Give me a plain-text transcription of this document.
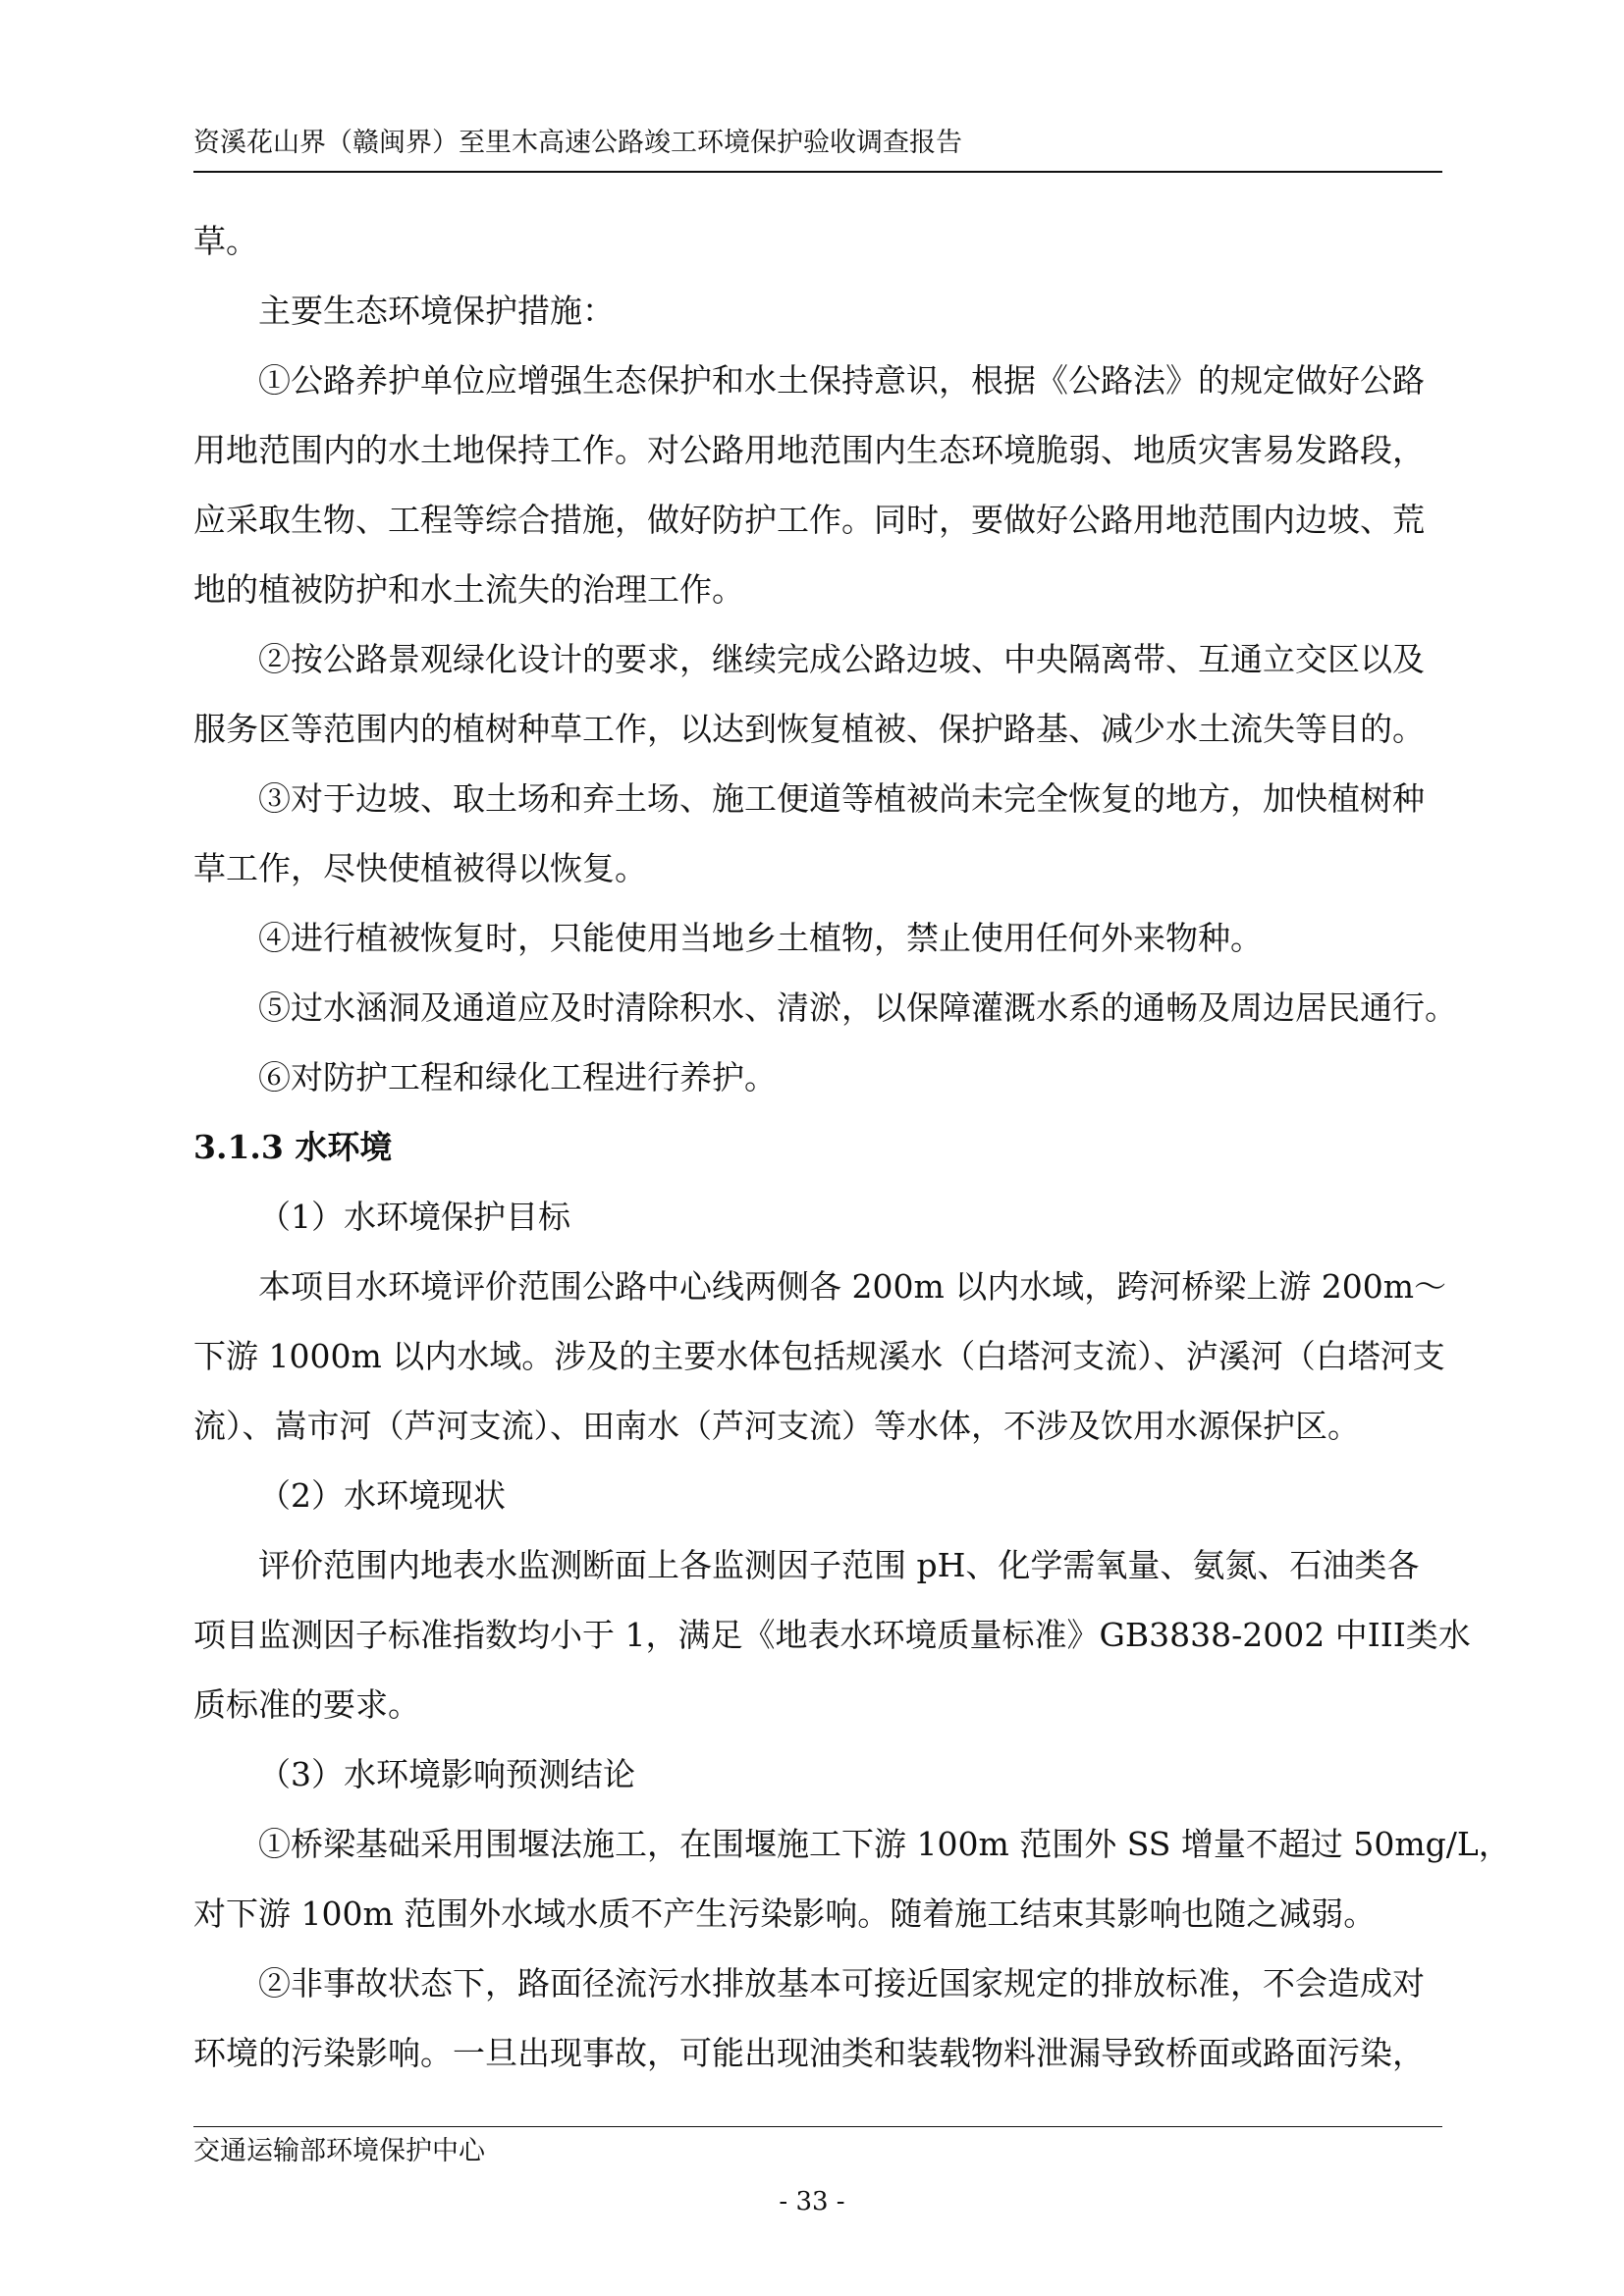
资溪花山界（赣闽界）至里木高速公路竣工环境保护验收调查报告

草。

主要生态环境保护措施：

①公路养护单位应增强生态保护和水土保持意识，根据《公路法》的规定做好公路

用地范围内的水土地保持工作。对公路用地范围内生态环境脆弱、地质灾害易发路段，

应采取生物、工程等综合措施，做好防护工作。同时，要做好公路用地范围内边坡、荒

地的植被防护和水土流失的治理工作。

②按公路景观绿化设计的要求，继续完成公路边坡、中央隔离带、互通立交区以及

服务区等范围内的植树种草工作，以达到恢复植被、保护路基、减少水土流失等目的。

③对于边坡、取土场和弃土场、施工便道等植被尚未完全恢复的地方，加快植树种

草工作，尽快使植被得以恢复。

④进行植被恢复时，只能使用当地乡土植物，禁止使用任何外来物种。

⑤过水涵洞及通道应及时清除积水、清淤，以保障灌溉水系的通畅及周边居民通行。

⑥对防护工程和绿化工程进行养护。

3.1.3 水环境

（1）水环境保护目标

本项目水环境评价范围公路中心线两侧各 200m 以内水域，跨河桥梁上游 200m～

下游 1000m 以内水域。涉及的主要水体包括规溪水（白塔河支流）、泸溪河（白塔河支

流）、嵩市河（芦河支流）、田南水（芦河支流）等水体，不涉及饮用水源保护区。

（2）水环境现状

评价范围内地表水监测断面上各监测因子范围 pH、化学需氧量、氨氮、石油类各

项目监测因子标准指数均小于 1，满足《地表水环境质量标准》GB3838-2002 中III类水

质标准的要求。

（3）水环境影响预测结论

①桥梁基础采用围堰法施工，在围堰施工下游 100m 范围外 SS 增量不超过 50mg/L，

对下游 100m 范围外水域水质不产生污染影响。随着施工结束其影响也随之减弱。

②非事故状态下，路面径流污水排放基本可接近国家规定的排放标准，不会造成对

环境的污染影响。一旦出现事故，可能出现油类和装载物料泄漏导致桥面或路面污染，

交通运输部环境保护中心
- 33 -
